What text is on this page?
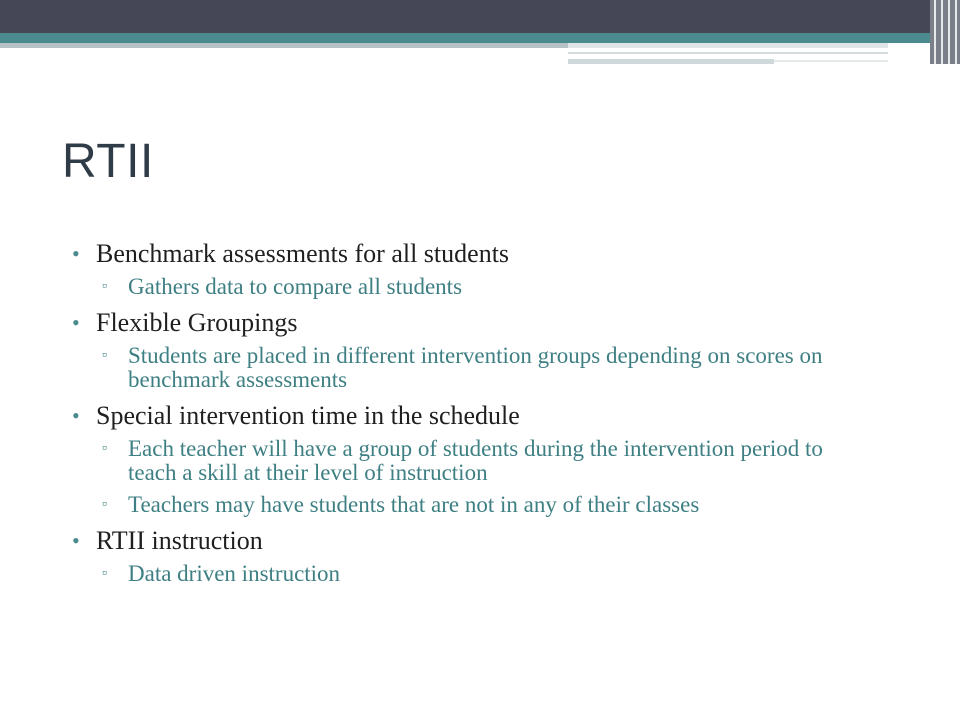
RTII
• Benchmark assessments for all students
▫ Gathers data to compare all students
• Flexible Groupings
▫ Students are placed in different intervention groups depending on scores on benchmark assessments
• Special intervention time in the schedule
▫ Each teacher will have a group of students during the intervention period to teach a skill at their level of instruction
▫ Teachers may have students that are not in any of their classes
• RTII instruction
▫ Data driven instruction
